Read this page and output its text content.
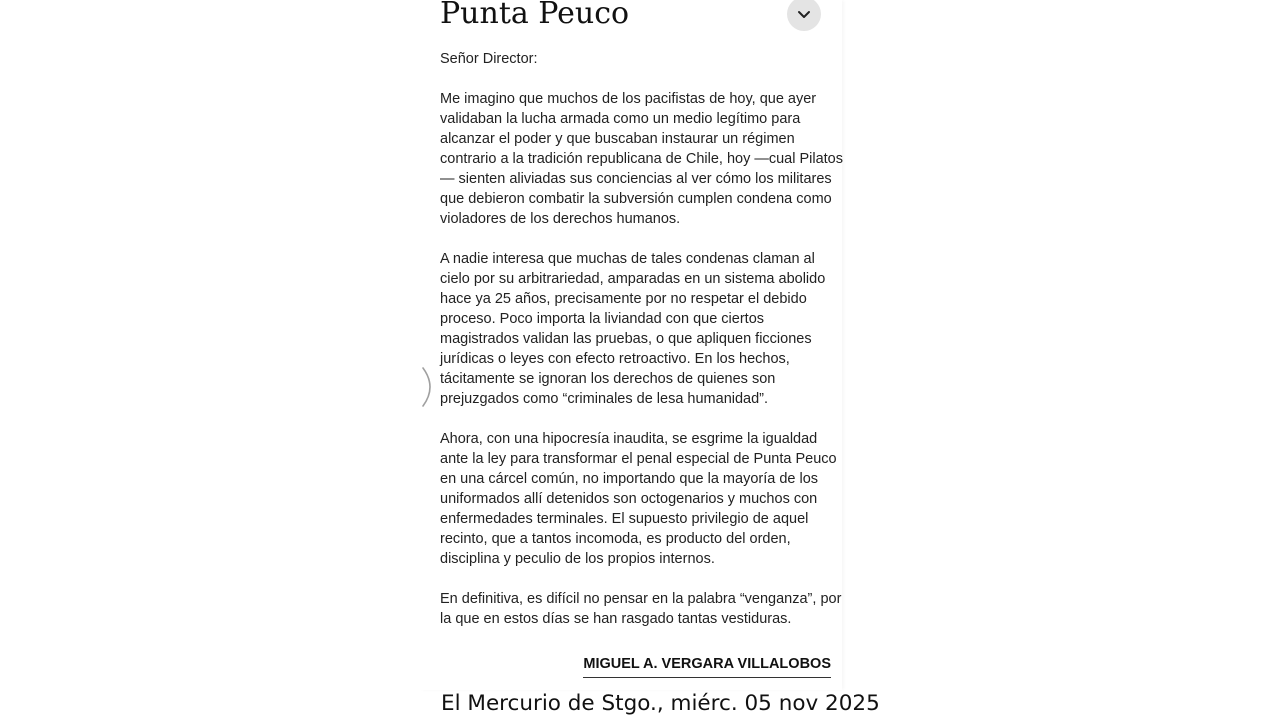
Punta Peuco

Señor Director:

Me imagino que muchos de los pacifistas de hoy, que ayer
validaban la lucha armada como un medio legítimo para
alcanzar el poder y que buscaban instaurar un régimen
contrario a la tradición republicana de Chile, hoy —cual Pilatos
— sienten aliviadas sus conciencias al ver cómo los militares
que debieron combatir la subversión cumplen condena como
violadores de los derechos humanos.

A nadie interesa que muchas de tales condenas claman al
cielo por su arbitrariedad, amparadas en un sistema abolido
hace ya 25 años, precisamente por no respetar el debido
proceso. Poco importa la liviandad con que ciertos
magistrados validan las pruebas, o que apliquen ficciones
jurídicas o leyes con efecto retroactivo. En los hechos,
tácitamente se ignoran los derechos de quienes son
prejuzgados como “criminales de lesa humanidad”.

Ahora, con una hipocresía inaudita, se esgrime la igualdad
ante la ley para transformar el penal especial de Punta Peuco
en una cárcel común, no importando que la mayoría de los
uniformados allí detenidos son octogenarios y muchos con
enfermedades terminales. El supuesto privilegio de aquel
recinto, que a tantos incomoda, es producto del orden,
disciplina y peculio de los propios internos.

En definitiva, es difícil no pensar en la palabra “venganza”, por
la que en estos días se han rasgado tantas vestiduras.

MIGUEL A. VERGARA VILLALOBOS

El Mercurio de Stgo., miérc. 05 nov 2025
